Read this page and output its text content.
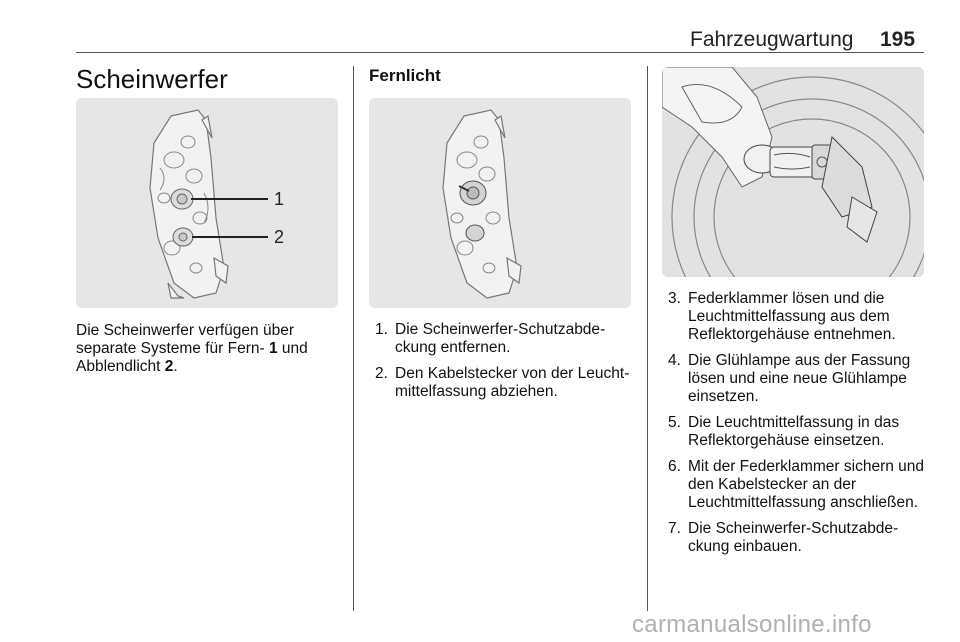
Fahrzeugwartung 195
Scheinwerfer
1
2
Die Scheinwerfer verfügen über separate Systeme für Fern- 1 und Abblendlicht 2.
Fernlicht
1. Die Scheinwerfer-Schutzabdeckung entfernen.
2. Den Kabelstecker von der Leuchtmittelfassung abziehen.
3. Federklammer lösen und die Leuchtmittelfassung aus dem Reflektorgehäuse entnehmen.
4. Die Glühlampe aus der Fassung lösen und eine neue Glühlampe einsetzen.
5. Die Leuchtmittelfassung in das Reflektorgehäuse einsetzen.
6. Mit der Federklammer sichern und den Kabelstecker an der Leuchtmittelfassung anschließen.
7. Die Scheinwerfer-Schutzabdeckung einbauen.
carmanualsonline.info
